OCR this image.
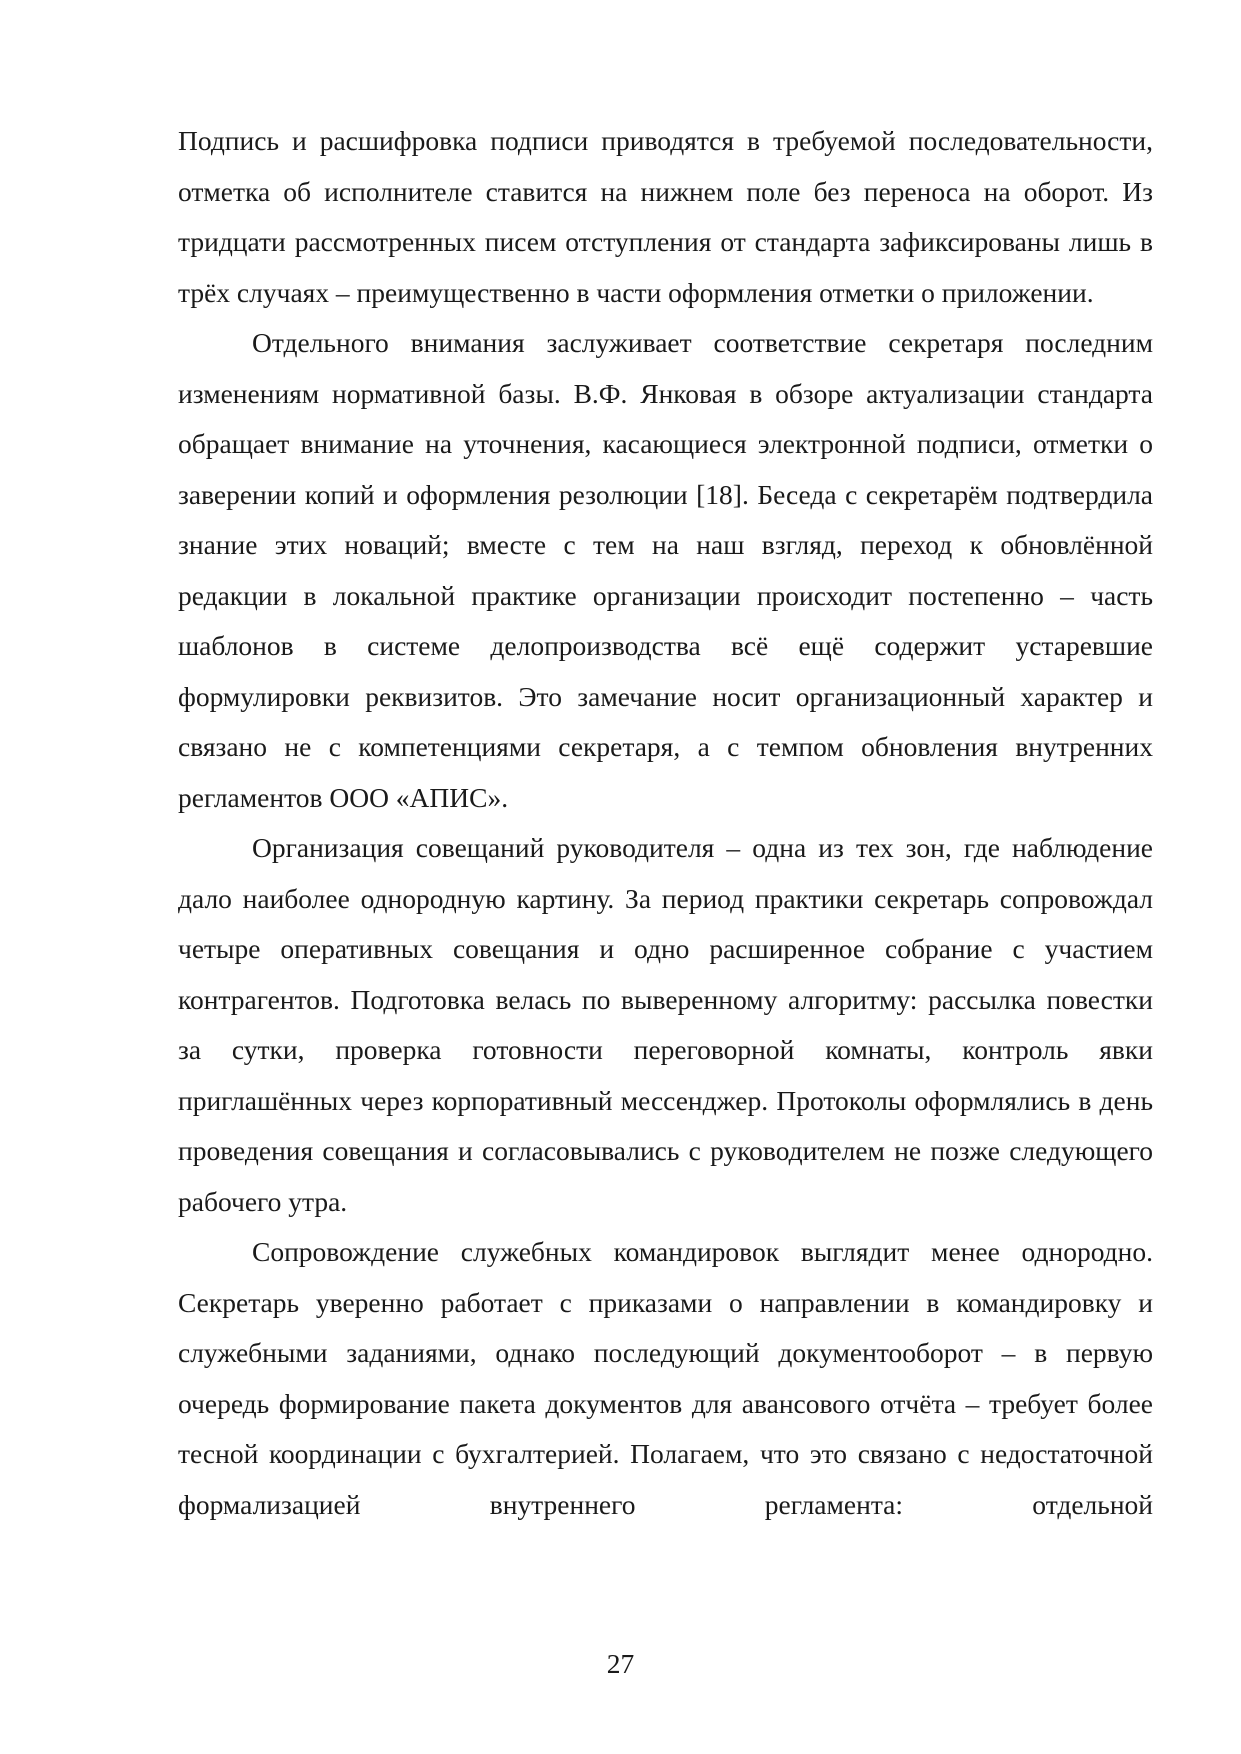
Подпись и расшифровка подписи приводятся в требуемой последовательности, отметка об исполнителе ставится на нижнем поле без переноса на оборот. Из тридцати рассмотренных писем отступления от стандарта зафиксированы лишь в трёх случаях – преимущественно в части оформления отметки о приложении.

Отдельного внимания заслуживает соответствие секретаря последним изменениям нормативной базы. В.Ф. Янковая в обзоре актуализации стандарта обращает внимание на уточнения, касающиеся электронной подписи, отметки о заверении копий и оформления резолюции [18]. Беседа с секретарём подтвердила знание этих новаций; вместе с тем на наш взгляд, переход к обновлённой редакции в локальной практике организации происходит постепенно – часть шаблонов в системе делопроизводства всё ещё содержит устаревшие формулировки реквизитов. Это замечание носит организационный характер и связано не с компетенциями секретаря, а с темпом обновления внутренних регламентов ООО «АПИС».

Организация совещаний руководителя – одна из тех зон, где наблюдение дало наиболее однородную картину. За период практики секретарь сопровождал четыре оперативных совещания и одно расширенное собрание с участием контрагентов. Подготовка велась по выверенному алгоритму: рассылка повестки за сутки, проверка готовности переговорной комнаты, контроль явки приглашённых через корпоративный мессенджер. Протоколы оформлялись в день проведения совещания и согласовывались с руководителем не позже следующего рабочего утра.

Сопровождение служебных командировок выглядит менее однородно. Секретарь уверенно работает с приказами о направлении в командировку и служебными заданиями, однако последующий документооборот – в первую очередь формирование пакета документов для авансового отчёта – требует более тесной координации с бухгалтерией. Полагаем, что это связано с недостаточной формализацией внутреннего регламента: отдельной

27
